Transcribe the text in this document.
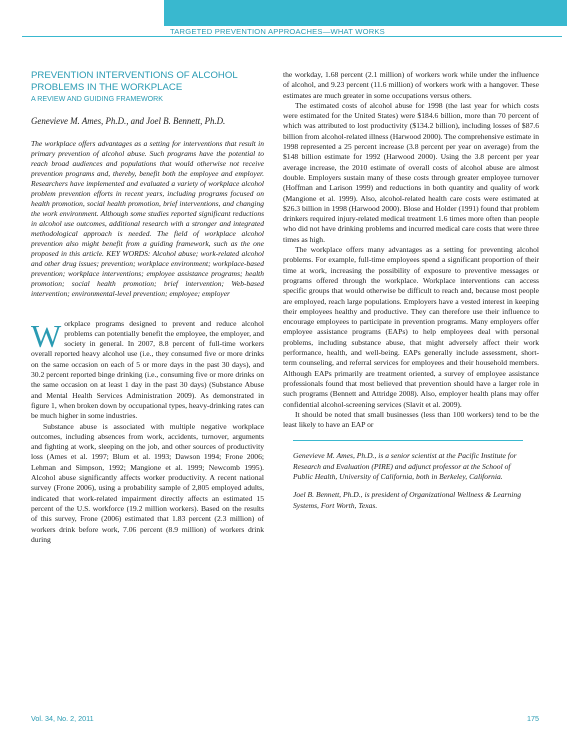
TARGETED PREVENTION APPROACHES—WHAT WORKS
PREVENTION INTERVENTIONS OF ALCOHOL PROBLEMS IN THE WORKPLACE
A REVIEW AND GUIDING FRAMEWORK
Genevieve M. Ames, Ph.D., and Joel B. Bennett, Ph.D.
The workplace offers advantages as a setting for interventions that result in primary prevention of alcohol abuse. Such programs have the potential to reach broad audiences and populations that would otherwise not receive prevention programs and, thereby, benefit both the employee and employer. Researchers have implemented and evaluated a variety of workplace alcohol problem prevention efforts in recent years, including programs focused on health promotion, social health promotion, brief interventions, and changing the work environment. Although some studies reported significant reductions in alcohol use outcomes, additional research with a stronger and integrated methodological approach is needed. The field of workplace alcohol prevention also might benefit from a guiding framework, such as the one proposed in this article. KEY WORDS: Alcohol abuse; work-related alcohol and other drug issues; prevention; workplace environment; workplace-based prevention; workplace interventions; employee assistance programs; health promotion; social health promotion; brief intervention; Web-based intervention; environmental-level prevention; employee; employer
W orkplace programs designed to prevent and reduce alcohol problems can potentially benefit the employee, the employer, and society in general. In 2007, 8.8 percent of full-time workers overall reported heavy alcohol use (i.e., they consumed five or more drinks on the same occasion on each of 5 or more days in the past 30 days), and 30.2 percent reported binge drinking (i.e., consuming five or more drinks on the same occasion on at least 1 day in the past 30 days) (Substance Abuse and Mental Health Services Administration 2009). As demonstrated in figure 1, when broken down by occupational types, heavy-drinking rates can be much higher in some industries.

Substance abuse is associated with multiple negative workplace outcomes, including absences from work, accidents, turnover, arguments and fighting at work, sleeping on the job, and other sources of productivity loss (Ames et al. 1997; Blum et al. 1993; Dawson 1994; Frone 2006; Lehman and Simpson, 1992; Mangione et al. 1999; Newcomb 1995). Alcohol abuse significantly affects worker productivity. A recent national survey (Frone 2006), using a probability sample of 2,805 employed adults, indicated that work-related impairment directly affects an estimated 15 percent of the U.S. workforce (19.2 million workers). Based on the results of this survey, Frone (2006) estimated that 1.83 percent (2.3 million) of workers drink before work, 7.06 percent (8.9 million) of workers drink during

the workday, 1.68 percent (2.1 million) of workers work while under the influence of alcohol, and 9.23 percent (11.6 million) of workers work with a hangover. These estimates are much greater in some occupations versus others.

The estimated costs of alcohol abuse for 1998 (the last year for which costs were estimated for the United States) were $184.6 billion, more than 70 percent of which was attributed to lost productivity ($134.2 billion), including losses of $87.6 billion from alcohol-related illness (Harwood 2000). The comprehensive estimate in 1998 represented a 25 percent increase (3.8 percent per year on average) from the $148 billion estimate for 1992 (Harwood 2000). Using the 3.8 percent per year average increase, the 2010 estimate of overall costs of alcohol abuse are almost double. Employers sustain many of these costs through greater employee turnover (Hoffman and Larison 1999) and reductions in both quantity and quality of work (Mangione et al. 1999). Also, alcohol-related health care costs were estimated at $26.3 billion in 1998 (Harwood 2000). Blose and Holder (1991) found that problem drinkers required injury-related medical treatment 1.6 times more often than people who did not have drinking problems and incurred medical care costs that were three times as high.

The workplace offers many advantages as a setting for preventing alcohol problems. For example, full-time employees spend a significant proportion of their time at work, increasing the possibility of exposure to preventive messages or programs offered through the workplace. Workplace interventions can access specific groups that would otherwise be difficult to reach and, because most people are employed, reach large populations. Employers have a vested interest in keeping their employees healthy and productive. They can therefore use their influence to encourage employees to participate in prevention programs. Many employers offer employee assistance programs (EAPs) to help employees deal with personal problems, including substance abuse, that might adversely affect their work performance, health, and well-being. EAPs generally include assessment, short-term counseling, and referral services for employees and their household members. Although EAPs primarily are treatment oriented, a survey of employee assistance professionals found that most believed that prevention should have a larger role in such programs (Bennett and Attridge 2008). Also, employer health plans may offer confidential alcohol-screening services (Slavit et al. 2009).

It should be noted that small businesses (less than 100 workers) tend to be the least likely to have an EAP or

Genevieve M. Ames, Ph.D., is a senior scientist at the Pacific Institute for Research and Evaluation (PIRE) and adjunct professor at the School of Public Health, University of California, both in Berkeley, California.

Joel B. Bennett, Ph.D., is president of Organizational Wellness & Learning Systems, Fort Worth, Texas.

Vol. 34, No. 2, 2011	175
